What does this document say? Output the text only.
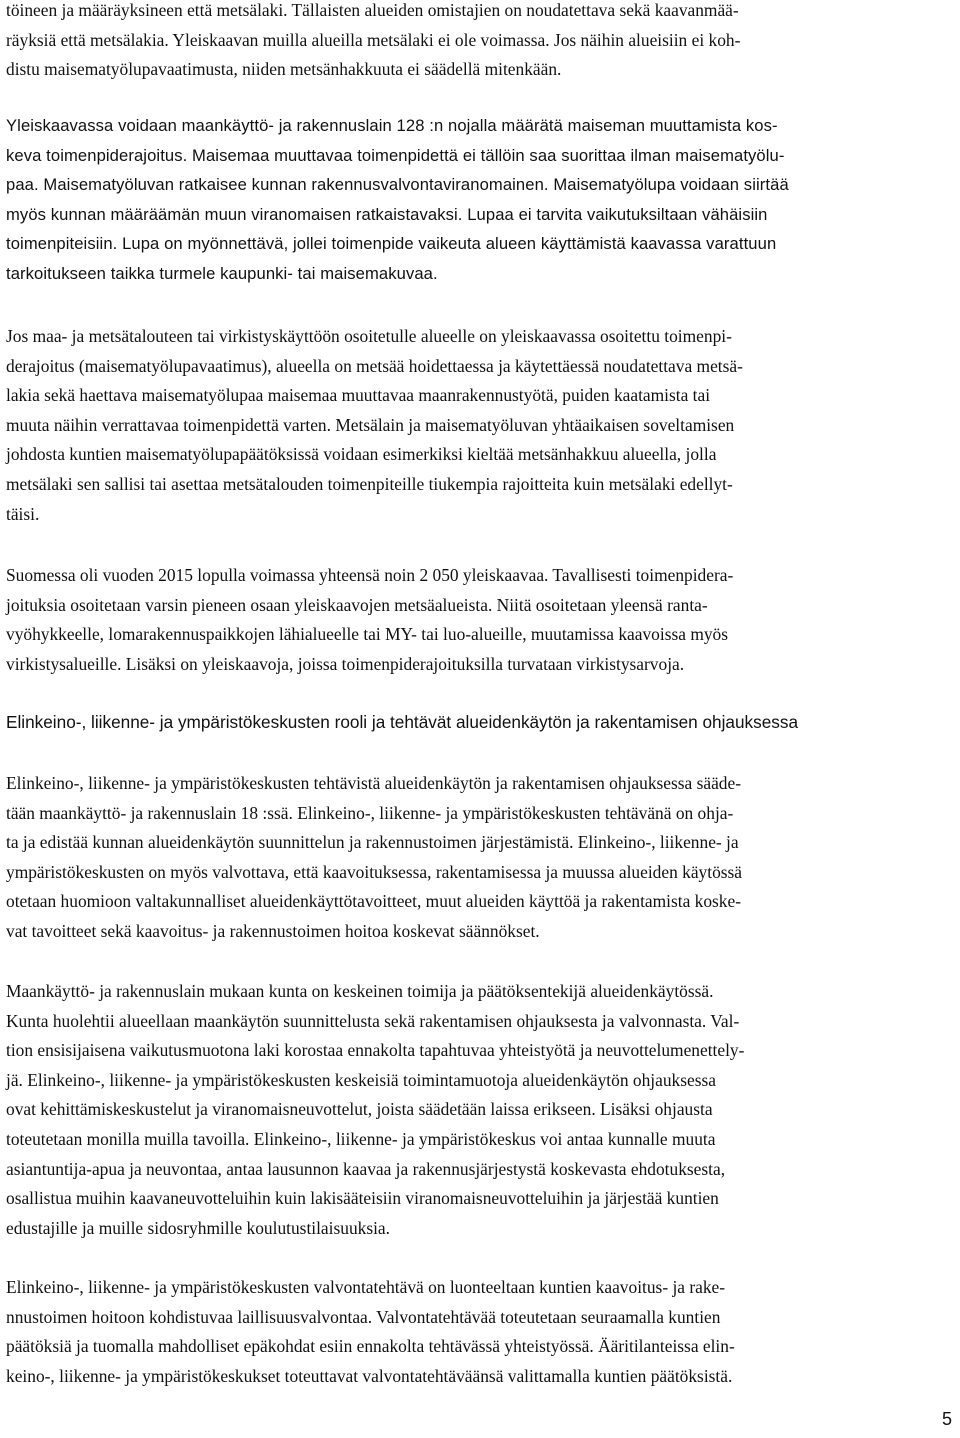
töineen ja määräyksineen että metsälaki. Tällaisten alueiden omistajien on noudatettava sekä kaavanmää-
räyksiä että metsälakia. Yleiskaavan muilla alueilla metsälaki ei ole voimassa. Jos näihin alueisiin ei koh-
distu maisematyölupavaatimusta, niiden metsänhakkuuta ei säädellä mitenkään.

Yleiskaavassa voidaan maankäyttö- ja rakennuslain 128 :n nojalla määrätä maiseman muuttamista kos-
keva toimenpiderajoitus. Maisemaa muuttavaa toimenpidettä ei tällöin saa suorittaa ilman maisematyölu-
paa. Maisematyöluvan ratkaisee kunnan rakennusvalvontaviranomainen. Maisematyölupa voidaan siirtää
myös kunnan määräämän muun viranomaisen ratkaistavaksi. Lupaa ei tarvita vaikutuksiltaan vähäisiin
toimenpiteisiin. Lupa on myönnettävä, jollei toimenpide vaikeuta alueen käyttämistä kaavassa varattuun
tarkoitukseen taikka turmele kaupunki- tai maisemakuvaa.

Jos maa- ja metsätalouteen tai virkistyskäyttöön osoitetulle alueelle on yleiskaavassa osoitettu toimenpi-
derajoitus (maisematyölupavaatimus), alueella on metsää hoidettaessa ja käytettäessä noudatettava metsä-
lakia sekä haettava maisematyölupaa maisemaa muuttavaa maanrakennustyötä, puiden kaatamista tai
muuta näihin verrattavaa toimenpidettä varten. Metsälain ja maisematyöluvan yhtäaikaisen soveltamisen
johdosta kuntien maisematyölupapäätöksissä voidaan esimerkiksi kieltää metsänhakkuu alueella, jolla
metsälaki sen sallisi tai asettaa metsätalouden toimenpiteille tiukempia rajoitteita kuin metsälaki edellyt-
täisi.

Suomessa oli vuoden 2015 lopulla voimassa yhteensä noin 2 050 yleiskaavaa. Tavallisesti toimenpidera-
joituksia osoitetaan varsin pieneen osaan yleiskaavojen metsäalueista. Niitä osoitetaan yleensä ranta-
vyöhykkeelle, lomarakennuspaikkojen lähialueelle tai MY- tai luo-alueille, muutamissa kaavoissa myös
virkistysalueille. Lisäksi on yleiskaavoja, joissa toimenpiderajoituksilla turvataan virkistysarvoja.

Elinkeino-, liikenne- ja ympäristökeskusten rooli ja tehtävät alueidenkäytön ja rakentamisen ohjauksessa

Elinkeino-, liikenne- ja ympäristökeskusten tehtävistä alueidenkäytön ja rakentamisen ohjauksessa sääde-
tään maankäyttö- ja rakennuslain 18 :ssä. Elinkeino-, liikenne- ja ympäristökeskusten tehtävänä on ohja-
ta ja edistää kunnan alueidenkäytön suunnittelun ja rakennustoimen järjestämistä. Elinkeino-, liikenne- ja
ympäristökeskusten on myös valvottava, että kaavoituksessa, rakentamisessa ja muussa alueiden käytössä
otetaan huomioon valtakunnalliset alueidenkäyttötavoitteet, muut alueiden käyttöä ja rakentamista koske-
vat tavoitteet sekä kaavoitus- ja rakennustoimen hoitoa koskevat säännökset.

Maankäyttö- ja rakennuslain mukaan kunta on keskeinen toimija ja päätöksentekijä alueidenkäytössä.
Kunta huolehtii alueellaan maankäytön suunnittelusta sekä rakentamisen ohjauksesta ja valvonnasta. Val-
tion ensisijaisena vaikutusmuotona laki korostaa ennakolta tapahtuvaa yhteistyötä ja neuvottelumenettely-
jä. Elinkeino-, liikenne- ja ympäristökeskusten keskeisiä toimintamuotoja alueidenkäytön ohjauksessa
ovat kehittämiskeskustelut ja viranomaisneuvottelut, joista säädetään laissa erikseen. Lisäksi ohjausta
toteutetaan monilla muilla tavoilla. Elinkeino-, liikenne- ja ympäristökeskus voi antaa kunnalle muuta
asiantuntija-apua ja neuvontaa, antaa lausunnon kaavaa ja rakennusjärjestystä koskevasta ehdotuksesta,
osallistua muihin kaavaneuvotteluihin kuin lakisääteisiin viranomaisneuvotteluihin ja järjestää kuntien
edustajille ja muille sidosryhmille koulutustilaisuuksia.

Elinkeino-, liikenne- ja ympäristökeskusten valvontatehtävä on luonteeltaan kuntien kaavoitus- ja rake-
nnustoimen hoitoon kohdistuvaa laillisuusvalvontaa. Valvontatehtävää toteutetaan seuraamalla kuntien
päätöksiä ja tuomalla mahdolliset epäkohdat esiin ennakolta tehtävässä yhteistyössä. Ääritilanteissa elin-
keino-, liikenne- ja ympäristökeskukset toteuttavat valvontatehtäväänsä valittamalla kuntien päätöksistä.

5
